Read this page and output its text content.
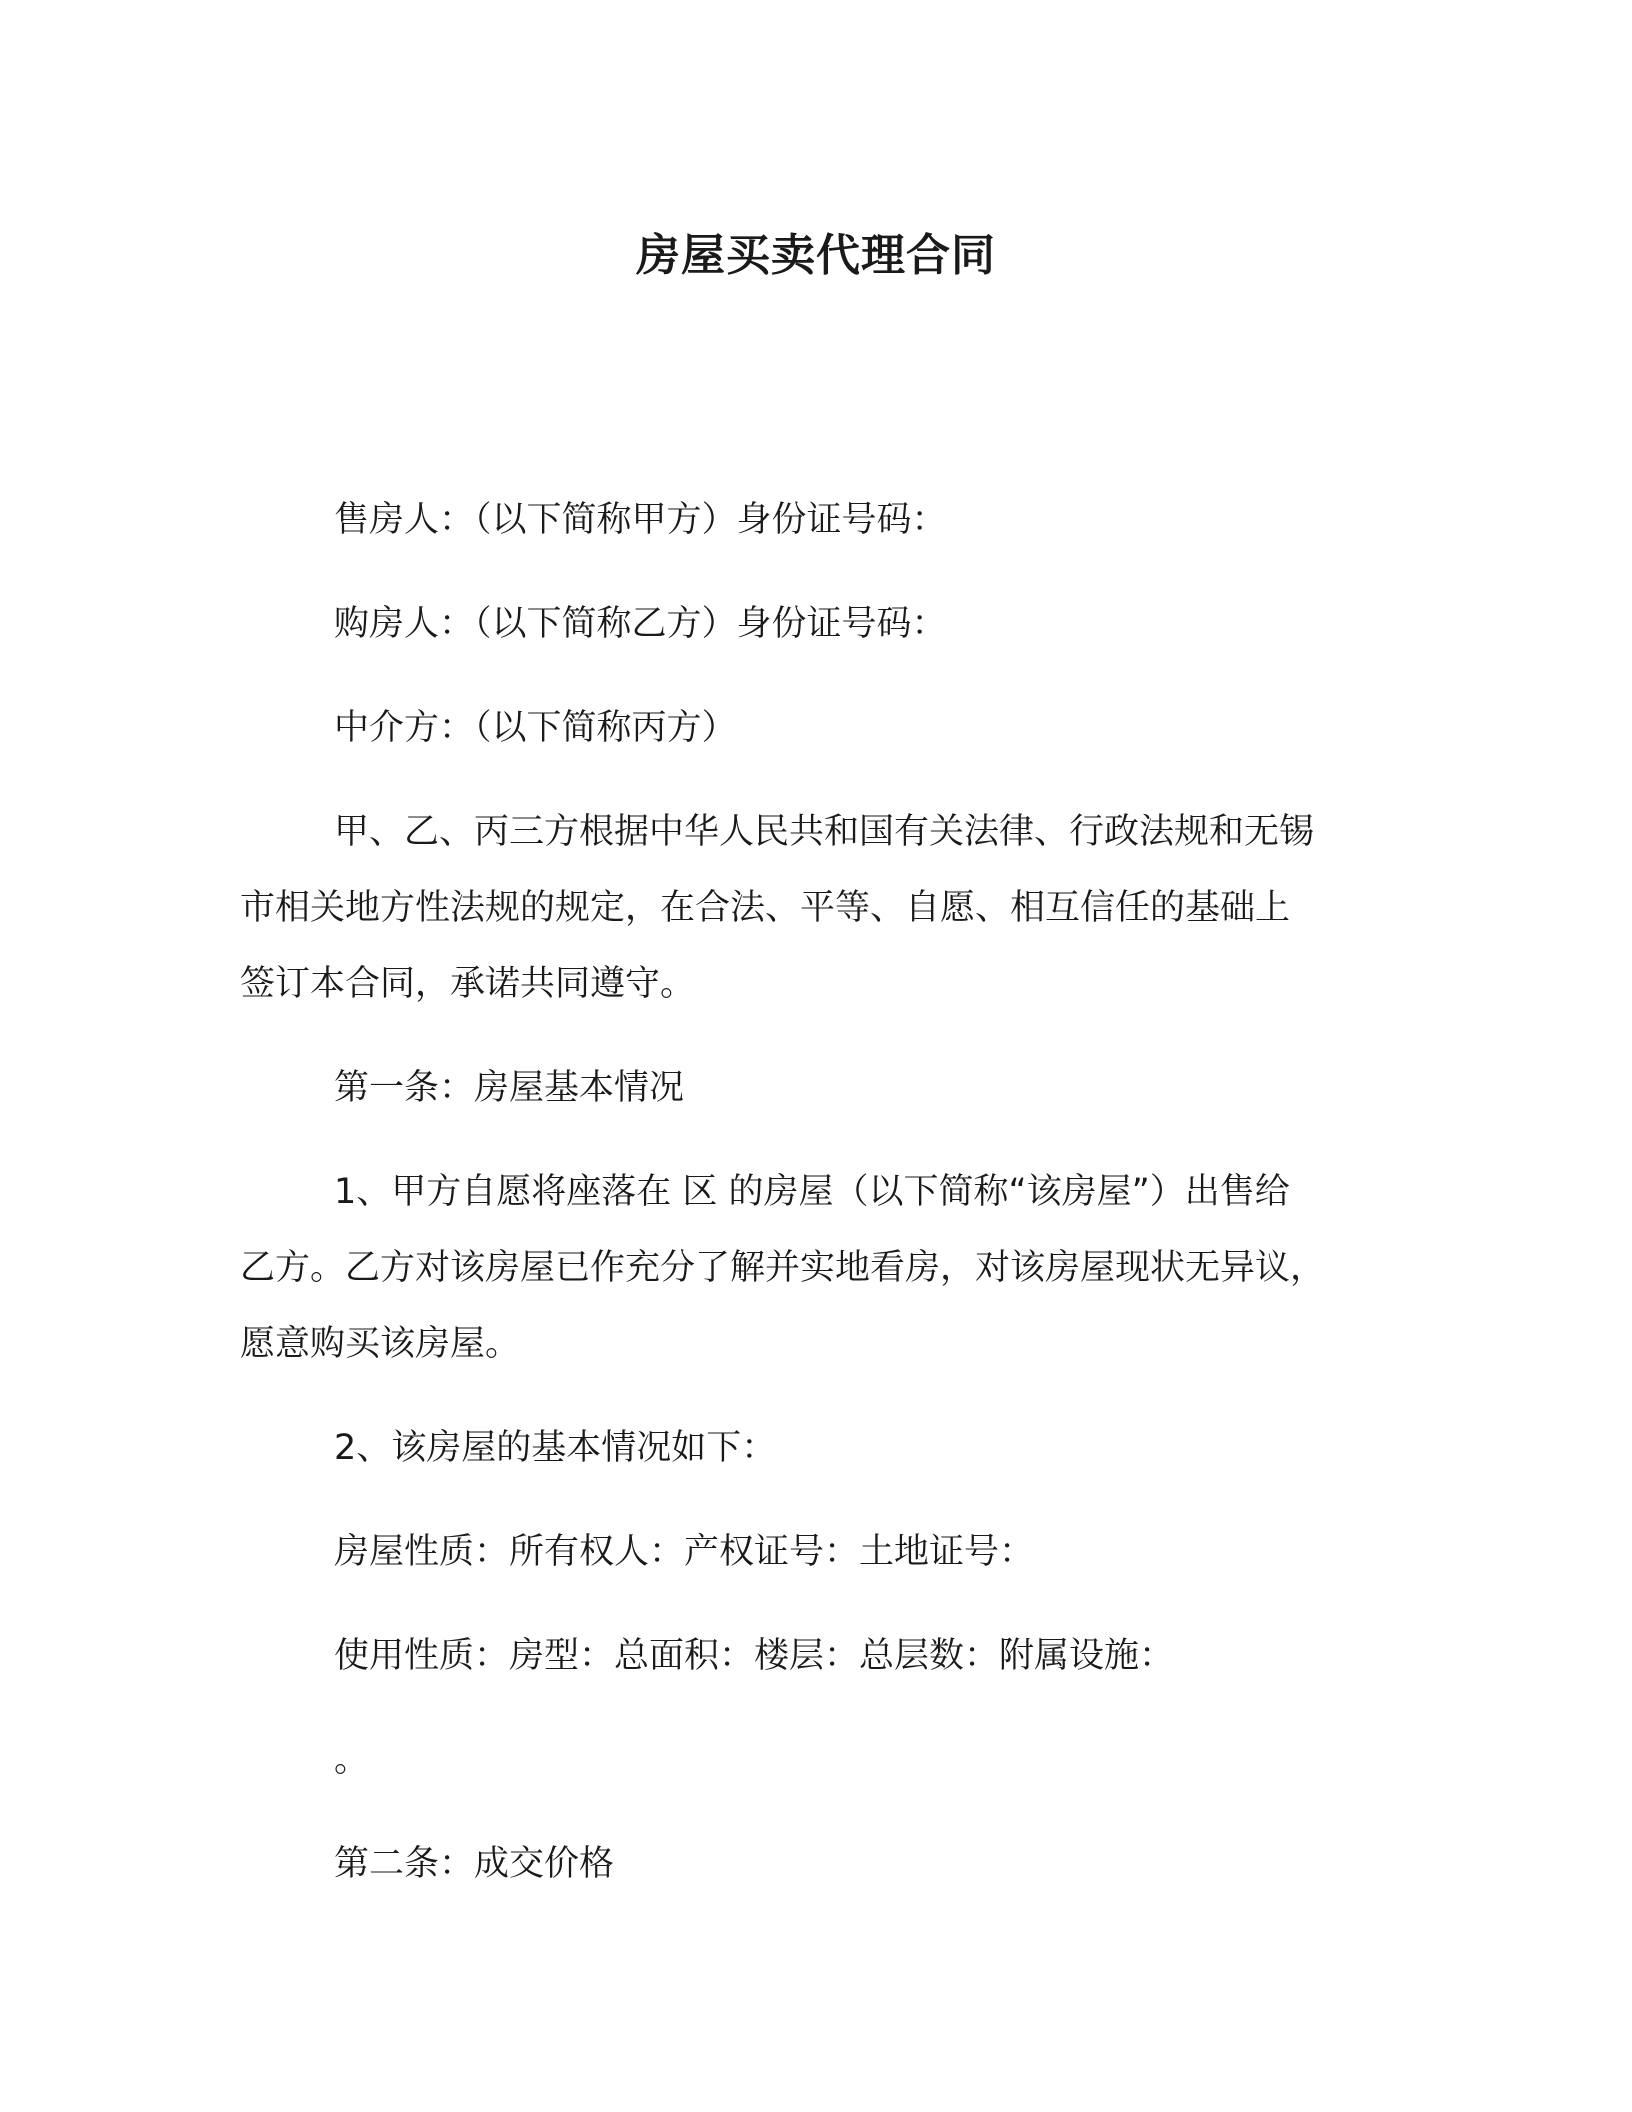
房屋买卖代理合同
售房人：（以下简称甲方）身份证号码：
购房人：（以下简称乙方）身份证号码：
中介方：（以下简称丙方）
甲、乙、丙三方根据中华人民共和国有关法律、行政法规和无锡
市相关地方性法规的规定，在合法、平等、自愿、相互信任的基础上
签订本合同，承诺共同遵守。
第一条：房屋基本情况
1、甲方自愿将座落在 区 的房屋（以下简称“该房屋”）出售给
乙方。乙方对该房屋已作充分了解并实地看房，对该房屋现状无异议，
愿意购买该房屋。
2、该房屋的基本情况如下：
房屋性质：所有权人：产权证号：土地证号：
使用性质：房型：总面积：楼层：总层数：附属设施：
。
第二条：成交价格
